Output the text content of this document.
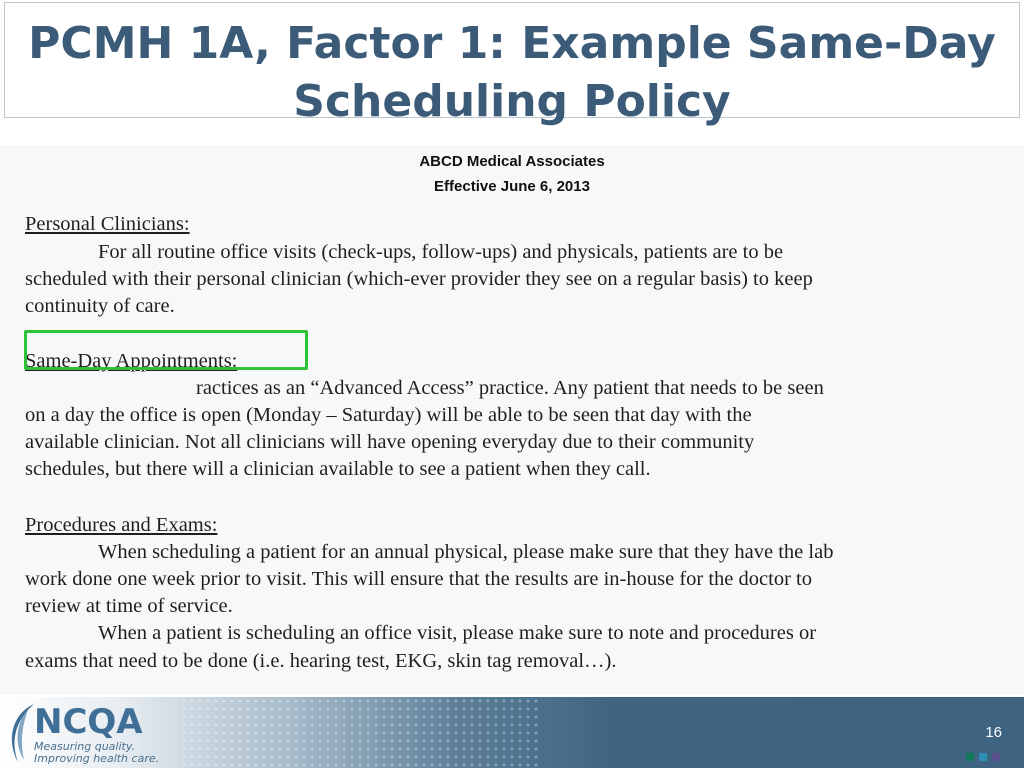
PCMH 1A, Factor 1: Example Same-Day
Scheduling Policy
ABCD Medical Associates
Effective June 6, 2013
Personal Clinicians:
For all routine office visits (check-ups, follow-ups) and physicals, patients are to be
scheduled with their personal clinician (which-ever provider they see on a regular basis) to keep
continuity of care.
Same-Day Appointments:
ractices as an “Advanced Access” practice. Any patient that needs to be seen
on a day the office is open (Monday – Saturday) will be able to be seen that day with the
available clinician. Not all clinicians will have opening everyday due to their community
schedules, but there will a clinician available to see a patient when they call.
Procedures and Exams:
When scheduling a patient for an annual physical, please make sure that they have the lab
work done one week prior to visit. This will ensure that the results are in-house for the doctor to
review at time of service.
When a patient is scheduling an office visit, please make sure to note and procedures or
exams that need to be done (i.e. hearing test, EKG, skin tag removal…).
NCQA
Measuring quality.
Improving health care.
16
